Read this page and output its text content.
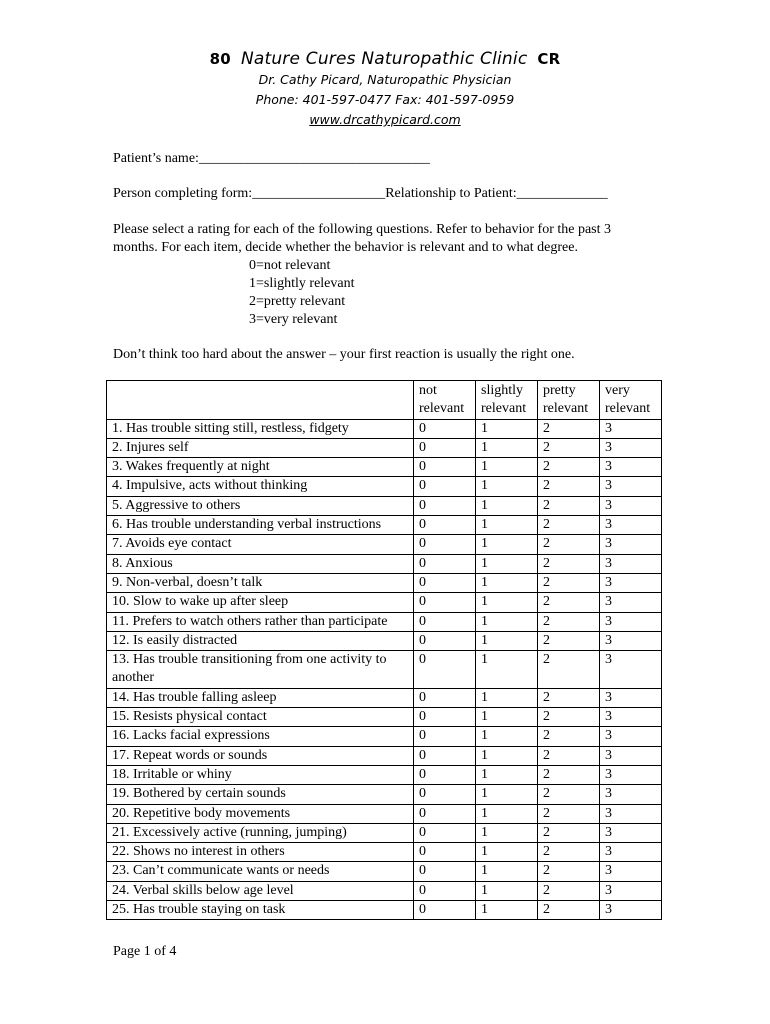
80 Nature Cures Naturopathic Clinic CR
Dr. Cathy Picard, Naturopathic Physician
Phone: 401-597-0477 Fax: 401-597-0959
www.drcathypicard.com
Patient’s name:_________________________________
Person completing form:___________________Relationship to Patient:_____________
Please select a rating for each of the following questions. Refer to behavior for the past 3
months. For each item, decide whether the behavior is relevant and to what degree.
0=not relevant
1=slightly relevant
2=pretty relevant
3=very relevant
Don’t think too hard about the answer – your first reaction is usually the right one.
	not relevant	slightly relevant	pretty relevant	very relevant
1. Has trouble sitting still, restless, fidgety	0	1	2	3
2. Injures self	0	1	2	3
3. Wakes frequently at night	0	1	2	3
4. Impulsive, acts without thinking	0	1	2	3
5. Aggressive to others	0	1	2	3
6. Has trouble understanding verbal instructions	0	1	2	3
7. Avoids eye contact	0	1	2	3
8. Anxious	0	1	2	3
9. Non-verbal, doesn’t talk	0	1	2	3
10. Slow to wake up after sleep	0	1	2	3
11. Prefers to watch others rather than participate	0	1	2	3
12. Is easily distracted	0	1	2	3
13. Has trouble transitioning from one activity to another	0	1	2	3
14. Has trouble falling asleep	0	1	2	3
15. Resists physical contact	0	1	2	3
16. Lacks facial expressions	0	1	2	3
17. Repeat words or sounds	0	1	2	3
18. Irritable or whiny	0	1	2	3
19. Bothered by certain sounds	0	1	2	3
20. Repetitive body movements	0	1	2	3
21. Excessively active (running, jumping)	0	1	2	3
22. Shows no interest in others	0	1	2	3
23. Can’t communicate wants or needs	0	1	2	3
24. Verbal skills below age level	0	1	2	3
25. Has trouble staying on task	0	1	2	3
Page 1 of 4
